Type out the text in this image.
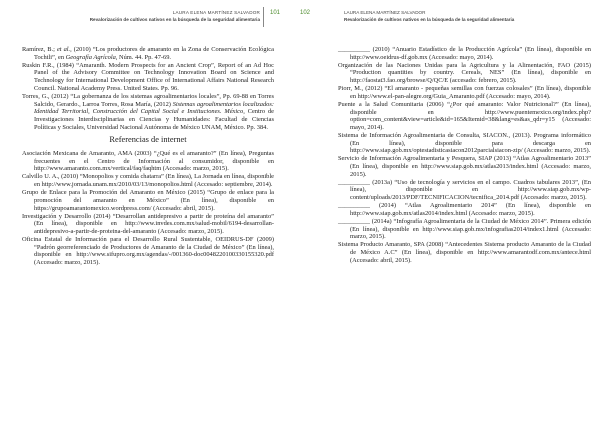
LAURA ELENA MARTÍNEZ SALVADOR
Revalorización de cultivos nativos en la búsqueda de la seguridad alimentaria
101

Ramírez, B.; et al., (2010) “Los productores de amaranto en la Zona de Conservación Ecológica Tochtli”, en Geografía Agrícola, Núm. 44. Pp. 47-69.

Ruskin F.R., (1984) “Amaranth. Modern Prospects for an Ancient Crop”, Report of an Ad Hoc Panel of the Advisory Committee on Technology Innovation Board on Science and Technology for International Development Office of International Affairs National Research Council. National Academy Press. United States. Pp. 96.

Torres, G., (2012) “La gobernanza de los sistemas agroalimentarios locales”, Pp. 69-88 en Torres Salcido, Gerardo., Larroa Torres, Rosa María, (2012) Sistemas agroalimentarios localizados: Identidad Territorial, Construcción del Capital Social e Instituciones. México, Centro de Investigaciones Interdisciplinarias en Ciencias y Humanidades: Facultad de Ciencias Políticas y Sociales, Universidad Nacional Autónoma de México UNAM, México. Pp. 384.

Referencias de internet

Asociación Mexicana de Amaranto, AMA (2003) “¿Qué es el amaranto?” (En línea), Preguntas frecuentes en el Centro de Información al consumidor, disponible en http://www.amaranto.com.mx/vertical/faq/faqhtm (Accesado: marzo, 2015).

Calvillo U. A., (2010) “Monopolios y comida chatarra” (En línea), La Jornada en línea, disponible en http://www.jornada.unam.mx/2010/03/13/monopolios.html (Accesado: septiembre, 2014).

Grupo de Enlace para la Promoción del Amaranto en México (2015) “Grupo de enlace para la promoción del amaranto en México” (En línea), disponible en https://grupoamarantomexico.wordpress.com/ (Accesado: abril, 2015).

Investigación y Desarrollo (2014) “Desarrollan antidepresivo a partir de proteína del amaranto” (En línea), disponible en http://www.invdes.com.mx/salud-mobil/6194-desarrollan-antidepresivo-a-partir-de-proteina-del-amaranto (Accesado: marzo, 2015).

Oficina Estatal de Información para el Desarrollo Rural Sustentable, OEIDRUS-DF (2009) “Padrón georreferenciado de Productores de Amaranto de la Ciudad de México” (En línea), disponible en http://www.sifupro.org.mx/agendas/-/001360-doc0048220100330155320.pdf (Accesado: marzo, 2015).

102	LAURA ELENA MARTÍNEZ SALVADOR
Revalorización de cultivos nativos en la búsqueda de la seguridad alimentaria

__________ (2010) “Anuario Estadístico de la Producción Agrícola” (En línea), disponible en http://www.oeidrus-df.gob.mx (Accesado: mayo, 2014).

Organización de las Naciones Unidas para la Agricultura y la Alimentación, FAO (2015) “Production quantities by country. Cereals, NES” (En línea), disponible en http://faostat3.fao.org/browse/Q/QC/E (accesado: febrero, 2015).

Piorr, M., (2012) “El amaranto - pequeñas semillas con fuerzas colosales” (En línea), disponible en http://www.el-pan-alegre.org/Guia_Amaranto.pdf (Accesado: mayo, 2014).

Puente a la Salud Comunitaria (2006) “¿Por qué amaranto: Valor Nutricional?” (En línea), disponible en http://www.puentemexico.org/index.php?option=com_content&view=article&id=165&Itemid=38&lang=es&as_qdr=y15 (Accesado: mayo, 2014).

Sistema de Información Agroalimentaria de Consulta, SIACON., (2013). Programa informático (En línea), disponible para descarga en http://www.siap.gob.mx/optestadisticasiacon2012parcialsiacon-zip/ (Accesado: marzo, 2015).

Servicio de Información Agroalimentaria y Pesquera, SIAP (2013) “Atlas Agroalimentario 2013” (En línea), disponible en http://www.siap.gob.mx/atlas2013/index.html (Accesado: marzo, 2015).

__________ (2013a) “Uso de tecnología y servicios en el campo. Cuadros tabulares 2013”, (En línea), disponible en http://www.siap.gob.mx/wp-content/uploads/2013/PDF/TECNIFICACION/tecnifica_2014.pdf (Accesado: marzo, 2015).

__________ (2014) “Atlas Agroalimentario 2014” (En línea), disponible en http://www.siap.gob.mx/atlas2014/index.html (Accesado: marzo, 2015).

__________ (2014a) “Infografía Agroalimentaria de la Ciudad de México 2014”. Primera edición (En línea), disponible en http://www.siap.gob.mx/infografias2014/index1.html (Accesado: marzo, 2015).

Sistema Producto Amaranto, SPA (2008) “Antecedentes Sistema producto Amaranto de la Ciudad de México A.C” (En línea), disponible en http://www.amarantodf.com.mx/antece.html (Accesado: abril, 2015).
